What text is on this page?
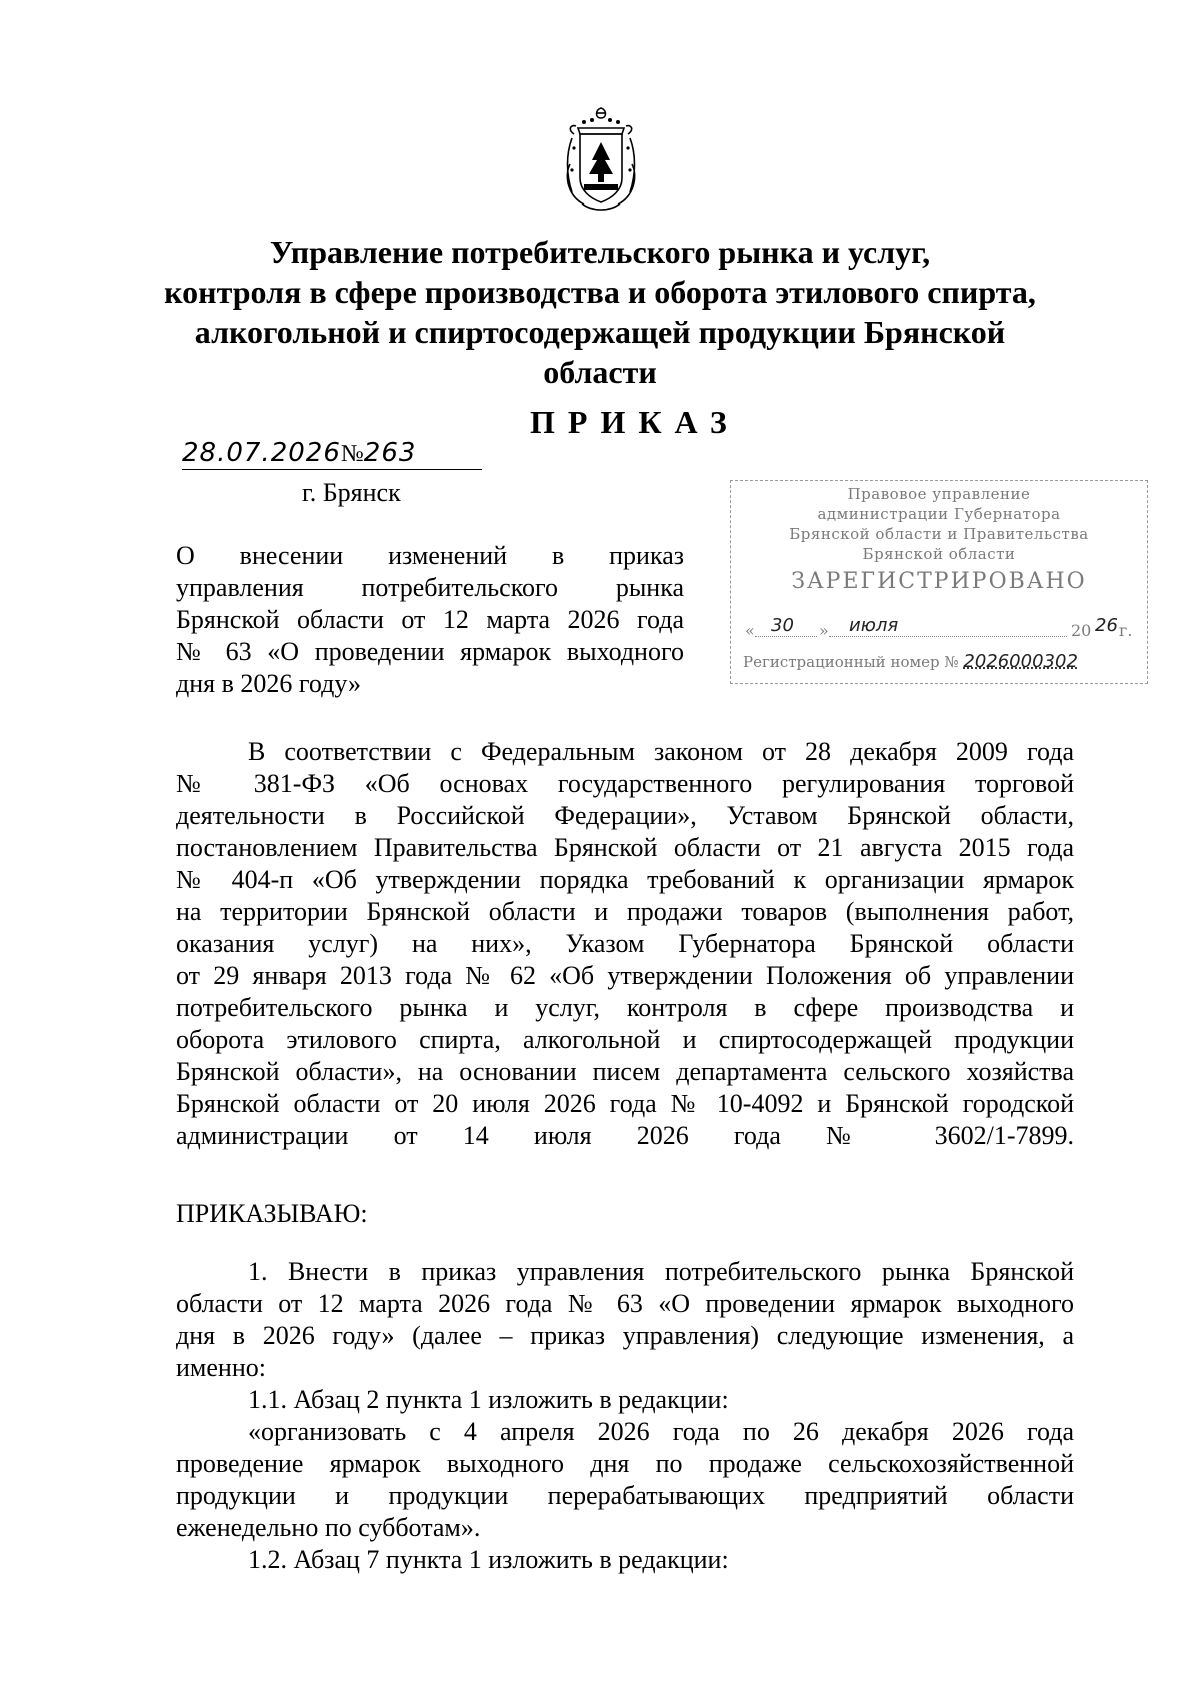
Управление потребительского рынка и услуг,
контроля в сфере производства и оборота этилового спирта,
алкогольной и спиртосодержащей продукции Брянской
области
ПРИКАЗ
28.07.2026№263
г. Брянск
О внесении изменений в приказ
управления потребительского рынка
Брянской области от 12 марта 2026 года
№ 63 «О проведении ярмарок выходного
дня в 2026 году»
Правовое управление
администрации Губернатора
Брянской области и Правительства
Брянской области
ЗАРЕГИСТРИРОВАНО
« 30 » июля	20 26 г.
Регистрационный номер № 2026000302
В соответствии с Федеральным законом от 28 декабря 2009 года
№ 381-ФЗ «Об основах государственного регулирования торговой
деятельности в Российской Федерации», Уставом Брянской области,
постановлением Правительства Брянской области от 21 августа 2015 года
№ 404-п «Об утверждении порядка требований к организации ярмарок
на территории Брянской области и продажи товаров (выполнения работ,
оказания услуг) на них», Указом Губернатора Брянской области
от 29 января 2013 года № 62 «Об утверждении Положения об управлении
потребительского рынка и услуг, контроля в сфере производства и
оборота этилового спирта, алкогольной и спиртосодержащей продукции
Брянской области», на основании писем департамента сельского хозяйства
Брянской области от 20 июля 2026 года № 10-4092 и Брянской городской
администрации от 14 июля 2026 года № 3602/1-7899.
ПРИКАЗЫВАЮ:
1. Внести в приказ управления потребительского рынка Брянской
области от 12 марта 2026 года № 63 «О проведении ярмарок выходного
дня в 2026 году» (далее – приказ управления) следующие изменения, а
именно:
1.1. Абзац 2 пункта 1 изложить в редакции:
«организовать с 4 апреля 2026 года по 26 декабря 2026 года
проведение ярмарок выходного дня по продаже сельскохозяйственной
продукции и продукции перерабатывающих предприятий области
еженедельно по субботам».
1.2. Абзац 7 пункта 1 изложить в редакции:
